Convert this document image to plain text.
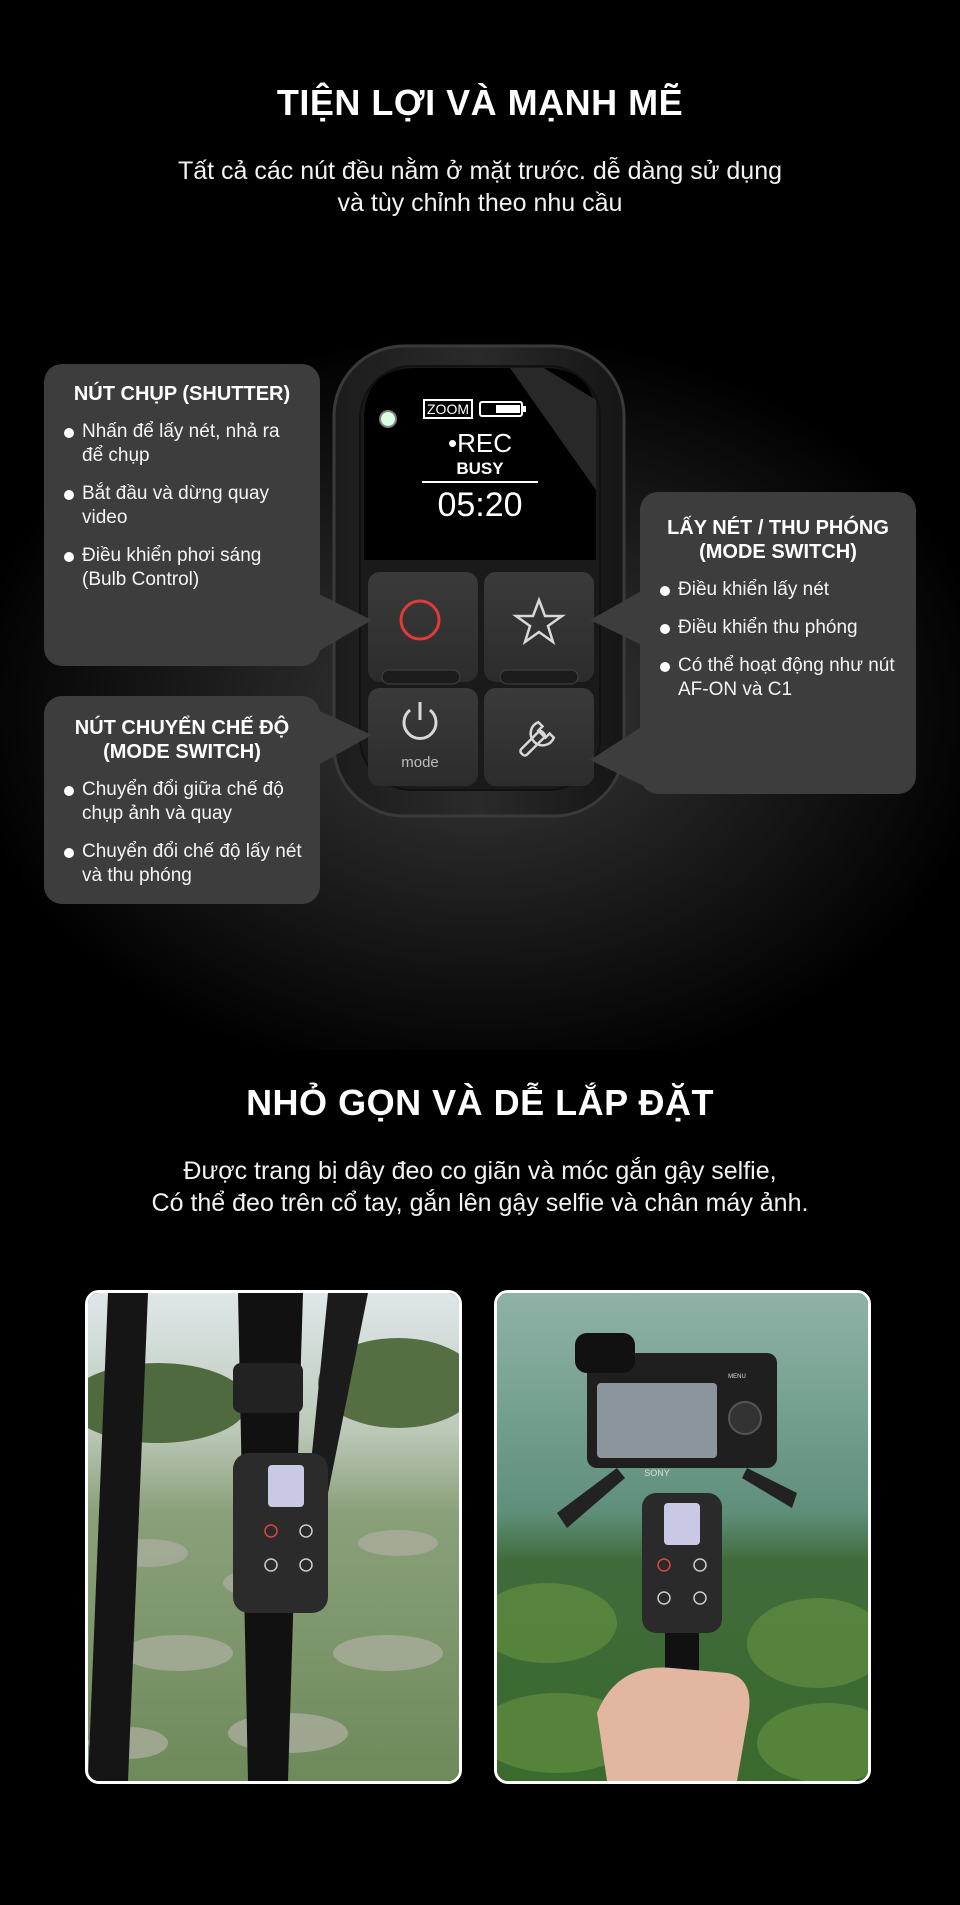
TIỆN LỢI VÀ MẠNH MẼ
Tất cả các nút đều nằm ở mặt trước. dễ dàng sử dụng
và tùy chỉnh theo nhu cầu
ZOOM
•REC
BUSY
05:20
mode
NÚT CHỤP (SHUTTER)
Nhấn để lấy nét, nhả ra để chụp
Bắt đầu và dừng quay video
Điều khiển phơi sáng (Bulb Control)
NÚT CHUYỂN CHẾ ĐỘ
(MODE SWITCH)
Chuyển đổi giữa chế độ chụp ảnh và quay
Chuyển đổi chế độ lấy nét và thu phóng
LẤY NÉT / THU PHÓNG
(MODE SWITCH)
Điều khiển lấy nét
Điều khiển thu phóng
Có thể hoạt động như nút AF-ON và C1
NHỎ GỌN VÀ DỄ LẮP ĐẶT
Được trang bị dây đeo co giãn và móc gắn gậy selfie,
Có thể đeo trên cổ tay, gắn lên gậy selfie và chân máy ảnh.
SONY
MENU
